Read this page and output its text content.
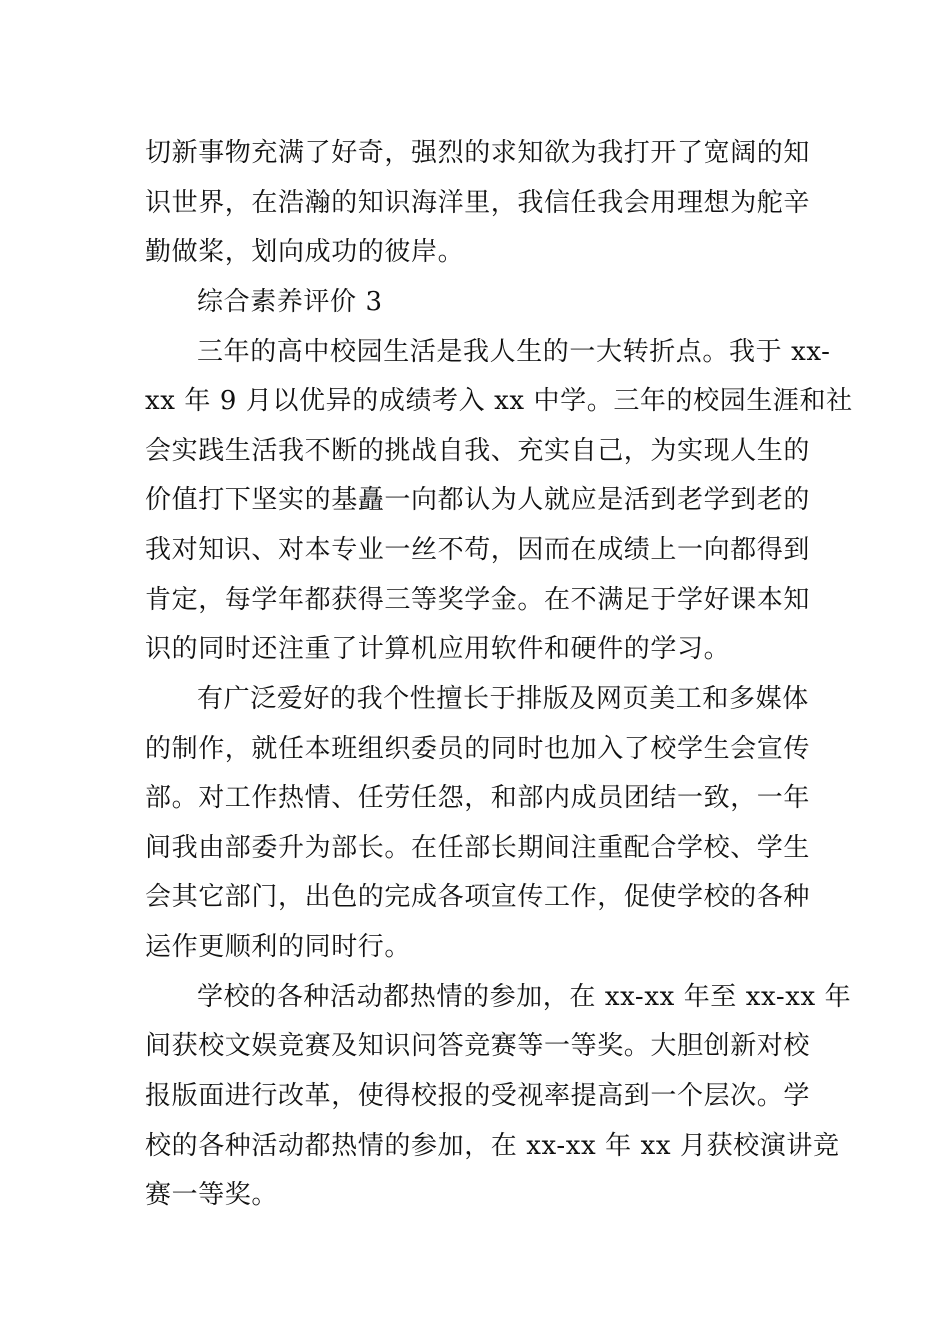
切新事物充满了好奇，强烈的求知欲为我打开了宽阔的知
识世界，在浩瀚的知识海洋里，我信任我会用理想为舵辛
勤做桨，划向成功的彼岸。
综合素养评价 3
三年的高中校园生活是我人生的一大转折点。我于 xx-
xx 年 9 月以优异的成绩考入 xx 中学。三年的校园生涯和社
会实践生活我不断的挑战自我、充实自己，为实现人生的
价值打下坚实的基矗一向都认为人就应是活到老学到老的
我对知识、对本专业一丝不苟，因而在成绩上一向都得到
肯定，每学年都获得三等奖学金。在不满足于学好课本知
识的同时还注重了计算机应用软件和硬件的学习。
有广泛爱好的我个性擅长于排版及网页美工和多媒体
的制作，就任本班组织委员的同时也加入了校学生会宣传
部。对工作热情、任劳任怨，和部内成员团结一致，一年
间我由部委升为部长。在任部长期间注重配合学校、学生
会其它部门，出色的完成各项宣传工作，促使学校的各种
运作更顺利的同时行。
学校的各种活动都热情的参加，在 xx-xx 年至 xx-xx 年
间获校文娱竞赛及知识问答竞赛等一等奖。大胆创新对校
报版面进行改革，使得校报的受视率提高到一个层次。学
校的各种活动都热情的参加，在 xx-xx 年 xx 月获校演讲竞
赛一等奖。
